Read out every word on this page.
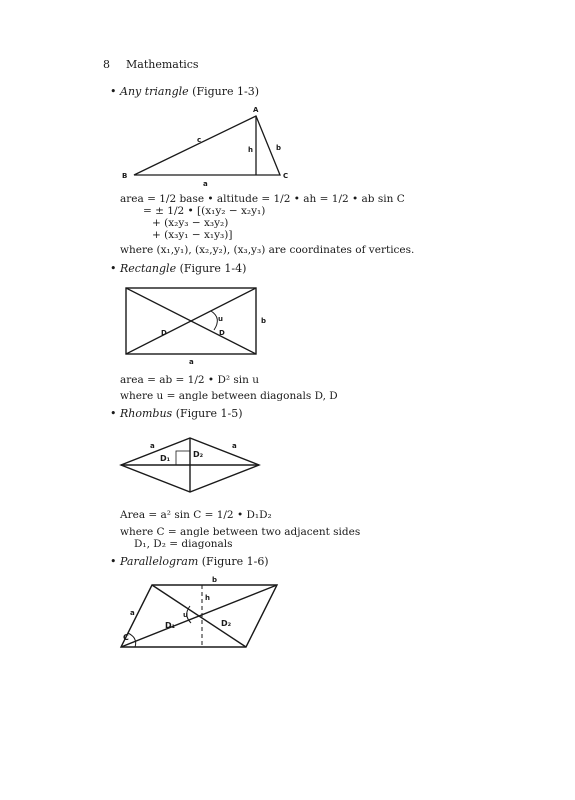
8 Mathematics
• Any triangle (Figure 1-3)
A
B	C
a
b
c
h
area = 1/2 base • altitude = 1/2 • ah = 1/2 • ab sin C
= ± 1/2 • [(x₁y₂ − x₂y₁)
+ (x₂y₃ − x₃y₂)
+ (x₃y₁ − x₁y₃)]
where (x₁,y₁), (x₂,y₂), (x₃,y₃) are coordinates of vertices.
• Rectangle (Figure 1-4)
u
D	D
b
a
area = ab = 1/2 • D² sin u
where u = angle between diagonals D, D
• Rhombus (Figure 1-5)
a	a
D₁	D₂
Area = a² sin C = 1/2 • D₁D₂
where C = angle between two adjacent sides
D₁, D₂ = diagonals
• Parallelogram (Figure 1-6)
b
h
a	u
D₁	D₂
C
